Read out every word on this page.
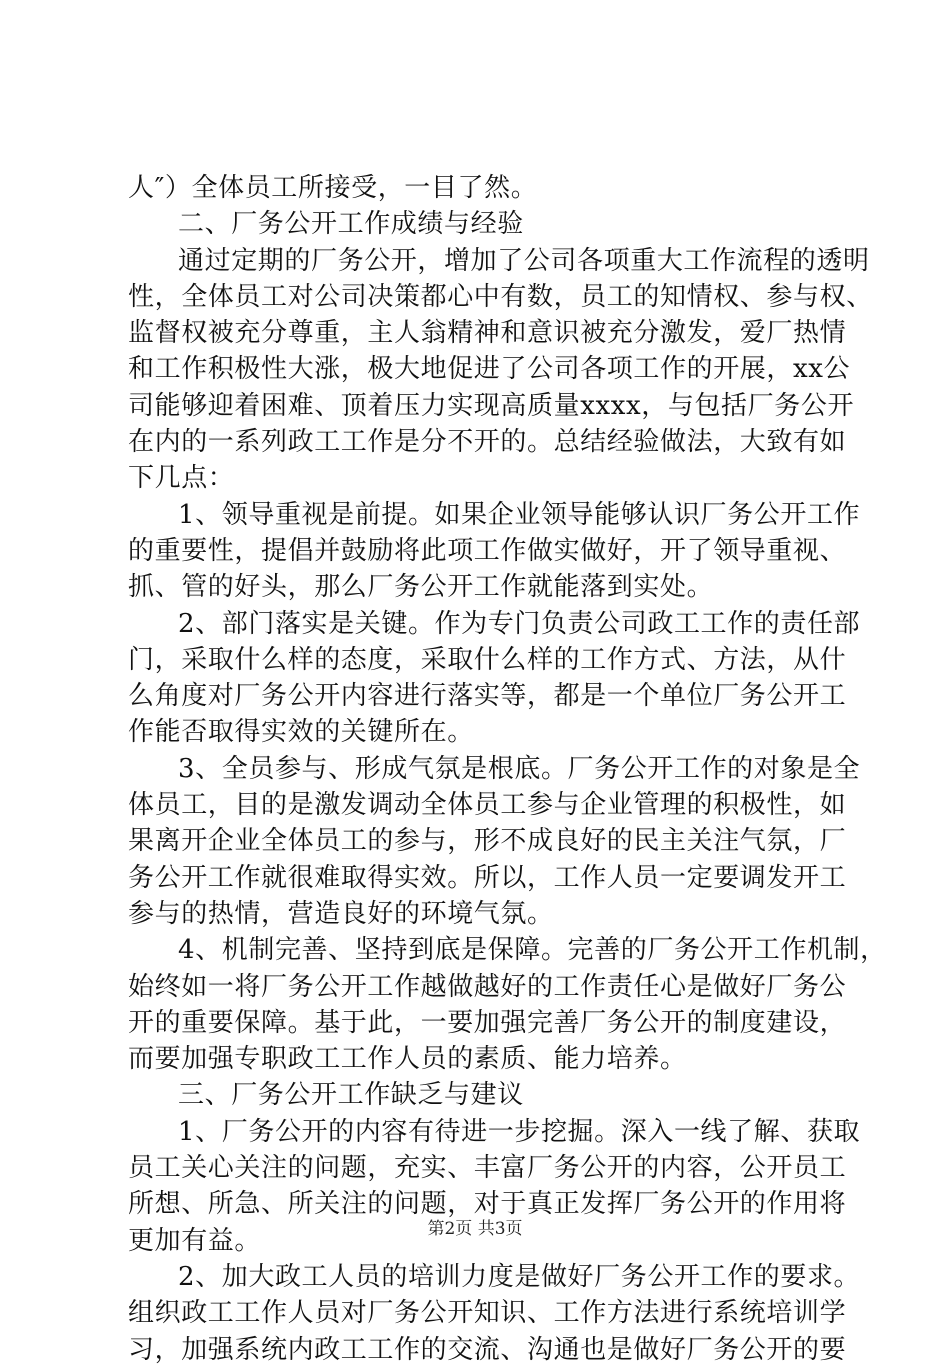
人″）全体员工所接受，一目了然。
二、厂务公开工作成绩与经验
通过定期的厂务公开，增加了公司各项重大工作流程的透明
性，全体员工对公司决策都心中有数，员工的知情权、参与权、
监督权被充分尊重，主人翁精神和意识被充分激发，爱厂热情
和工作积极性大涨，极大地促进了公司各项工作的开展，xx公
司能够迎着困难、顶着压力实现高质量xxxx，与包括厂务公开
在内的一系列政工工作是分不开的。总结经验做法，大致有如
下几点：
1、领导重视是前提。如果企业领导能够认识厂务公开工作
的重要性，提倡并鼓励将此项工作做实做好，开了领导重视、
抓、管的好头，那么厂务公开工作就能落到实处。
2、部门落实是关键。作为专门负责公司政工工作的责任部
门，采取什么样的态度，采取什么样的工作方式、方法，从什
么角度对厂务公开内容进行落实等，都是一个单位厂务公开工
作能否取得实效的关键所在。
3、全员参与、形成气氛是根底。厂务公开工作的对象是全
体员工，目的是激发调动全体员工参与企业管理的积极性，如
果离开企业全体员工的参与，形不成良好的民主关注气氛，厂
务公开工作就很难取得实效。所以，工作人员一定要调发开工
参与的热情，营造良好的环境气氛。
4、机制完善、坚持到底是保障。完善的厂务公开工作机制，
始终如一将厂务公开工作越做越好的工作责任心是做好厂务公
开的重要保障。基于此，一要加强完善厂务公开的制度建设，
而要加强专职政工工作人员的素质、能力培养。
三、厂务公开工作缺乏与建议
1、厂务公开的内容有待进一步挖掘。深入一线了解、获取
员工关心关注的问题，充实、丰富厂务公开的内容，公开员工
所想、所急、所关注的问题，对于真正发挥厂务公开的作用将
更加有益。
2、加大政工人员的培训力度是做好厂务公开工作的要求。
组织政工工作人员对厂务公开知识、工作方法进行系统培训学
习，加强系统内政工工作的交流、沟通也是做好厂务公开的要
第2页 共3页
